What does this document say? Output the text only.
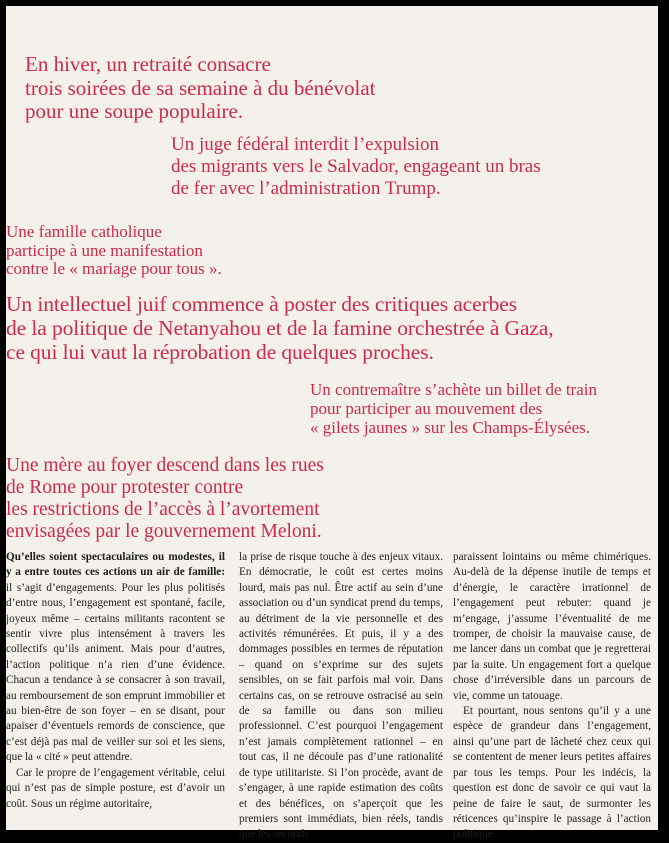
En hiver, un retraité consacre
trois soirées de sa semaine à du bénévolat
pour une soupe populaire.

Un juge fédéral interdit l’expulsion
des migrants vers le Salvador, engageant un bras
de fer avec l’administration Trump.

Une famille catholique
participe à une manifestation
contre le « mariage pour tous ».

Un intellectuel juif commence à poster des critiques acerbes
de la politique de Netanyahou et de la famine orchestrée à Gaza,
ce qui lui vaut la réprobation de quelques proches.

Un contremaître s’achète un billet de train
pour participer au mouvement des
« gilets jaunes » sur les Champs-Élysées.

Une mère au foyer descend dans les rues
de Rome pour protester contre
les restrictions de l’accès à l’avortement
envisagées par le gouvernement Meloni.

Qu’elles soient spectaculaires ou modestes, il y a entre toutes ces actions un air de famille: il s’agit d’engagements. Pour les plus politisés d’entre nous, l’engagement est spontané, facile, joyeux même – certains militants racontent se sentir vivre plus intensément à travers les collectifs qu’ils animent. Mais pour d’autres, l’action politique n’a rien d’une évidence. Chacun a tendance à se consacrer à son travail, au remboursement de son emprunt immobilier et au bien-être de son foyer – en se disant, pour apaiser d’éventuels remords de conscience, que c’est déjà pas mal de veiller sur soi et les siens, que la « cité » peut attendre.

Car le propre de l’engagement véritable, celui qui n’est pas de simple posture, est d’avoir un coût. Sous un régime autoritaire,

la prise de risque touche à des enjeux vitaux. En démocratie, le coût est certes moins lourd, mais pas nul. Être actif au sein d’une association ou d’un syndicat prend du temps, au détriment de la vie personnelle et des activités rémunérées. Et puis, il y a des dommages possibles en termes de réputation – quand on s’exprime sur des sujets sensibles, on se fait parfois mal voir. Dans certains cas, on se retrouve ostracisé au sein de sa famille ou dans son milieu professionnel. C’est pourquoi l’engagement n’est jamais complètement rationnel – en tout cas, il ne découle pas d’une rationalité de type utilitariste. Si l’on procède, avant de s’engager, à une rapide estimation des coûts et des bénéfices, on s’aperçoit que les premiers sont immédiats, bien réels, tandis que les seconds

paraissent lointains ou même chimériques. Au-delà de la dépense inutile de temps et d’énergie, le caractère irrationnel de l’engagement peut rebuter: quand je m’engage, j’assume l’éventualité de me tromper, de choisir la mauvaise cause, de me lancer dans un combat que je regretterai par la suite. Un engagement fort a quelque chose d’irréversible dans un parcours de vie, comme un tatouage.

Et pourtant, nous sentons qu’il y a une espèce de grandeur dans l’engagement, ainsi qu’une part de lâcheté chez ceux qui se contentent de mener leurs petites affaires par tous les temps. Pour les indécis, la question est donc de savoir ce qui vaut la peine de faire le saut, de surmonter les réticences qu’inspire le passage à l’action politique.
